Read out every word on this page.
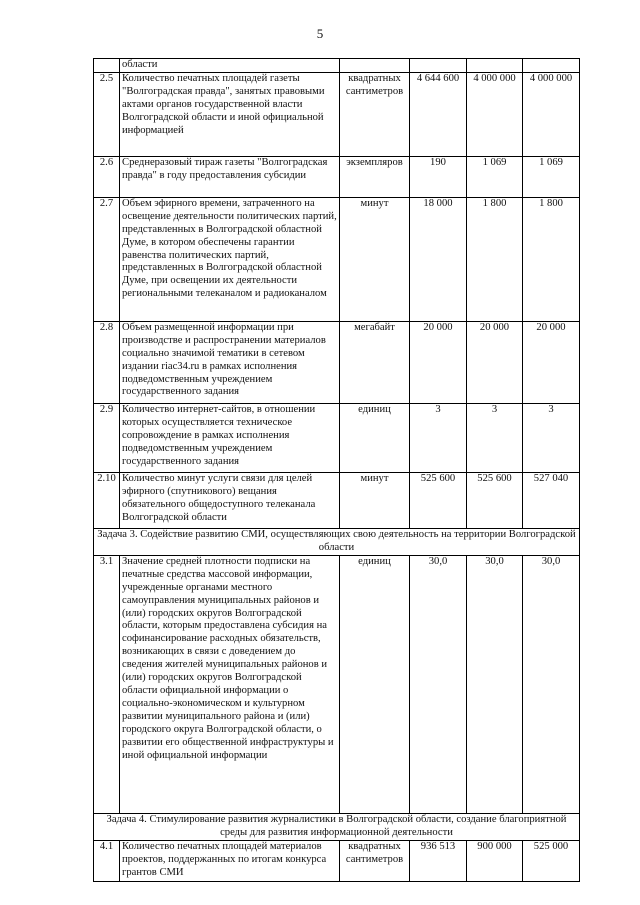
5
	области				
2.5	Количество печатных площадей газеты "Волгоградская правда", занятых правовыми актами органов государственной власти Волгоградской области и иной официальной информацией	квадратных сантиметров	4 644 600	4 000 000	4 000 000
2.6	Среднеразовый тираж газеты "Волгоградская правда" в году предоставления субсидии	экземпляров	190	1 069	1 069
2.7	Объем эфирного времени, затраченного на освещение деятельности политических партий, представленных в Волгоградской областной Думе, в котором обеспечены гарантии равенства политических партий, представленных в Волгоградской областной Думе, при освещении их деятельности региональными телеканалом и радиоканалом	минут	18 000	1 800	1 800
2.8	Объем размещенной информации при производстве и распространении материалов социально значимой тематики в сетевом издании riac34.ru в рамках исполнения подведомственным учреждением государственного задания	мегабайт	20 000	20 000	20 000
2.9	Количество интернет-сайтов, в отношении которых осуществляется техническое сопровождение в рамках исполнения подведомственным учреждением государственного задания	единиц	3	3	3
2.10	Количество минут услуги связи для целей эфирного (спутникового) вещания обязательного общедоступного телеканала Волгоградской области	минут	525 600	525 600	527 040
Задача 3. Содействие развитию СМИ, осуществляющих свою деятельность на территории Волгоградской области					
3.1	Значение средней плотности подписки на печатные средства массовой информации, учрежденные органами местного самоуправления муниципальных районов и (или) городских округов Волгоградской области, которым предоставлена субсидия на софинансирование расходных обязательств, возникающих в связи с доведением до сведения жителей муниципальных районов и (или) городских округов Волгоградской области официальной информации о социально-экономическом и культурном развитии муниципального района и (или) городского округа Волгоградской области, о развитии его общественной инфраструктуры и иной официальной информации	единиц	30,0	30,0	30,0
Задача 4. Стимулирование развития журналистики в Волгоградской области, создание благоприятной среды для развития информационной деятельности					
4.1	Количество печатных площадей материалов проектов, поддержанных по итогам конкурса грантов СМИ	квадратных сантиметров	936 513	900 000	525 000
